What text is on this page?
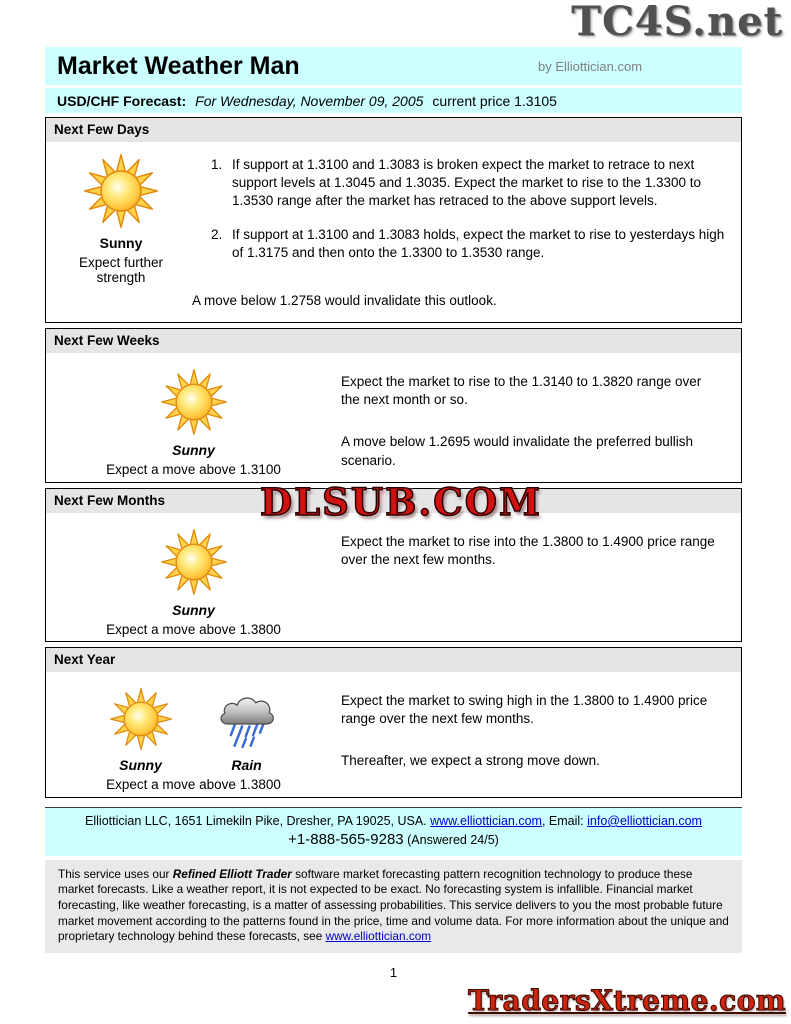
TC4S.net
DLSUB.COM
TradersXtreme.com
Market Weather Man	by Elliottician.com
USD/CHF Forecast: For Wednesday, November 09, 2005 current price 1.3105
Next Few Days
Sunny
Expect further strength
1. If support at 1.3100 and 1.3083 is broken expect the market to retrace to next support levels at 1.3045 and 1.3035. Expect the market to rise to the 1.3300 to 1.3530 range after the market has retraced to the above support levels.
2. If support at 1.3100 and 1.3083 holds, expect the market to rise to yesterdays high of 1.3175 and then onto the 1.3300 to 1.3530 range.
A move below 1.2758 would invalidate this outlook.
Next Few Weeks
Sunny
Expect a move above 1.3100

Expect the market to rise to the 1.3140 to 1.3820 range over the next month or so.

A move below 1.2695 would invalidate the preferred bullish scenario.

Next Few Months
Sunny
Expect a move above 1.3800

Expect the market to rise into the 1.3800 to 1.4900 price range over the next few months.

Next Year
Sunny	Rain
Expect a move above 1.3800

Expect the market to swing high in the 1.3800 to 1.4900 price range over the next few months.

Thereafter, we expect a strong move down.

Elliottician LLC, 1651 Limekiln Pike, Dresher, PA 19025, USA. www.elliottician.com, Email: info@elliottician.com
+1-888-565-9283 (Answered 24/5)
This service uses our Refined Elliott Trader software market forecasting pattern recognition technology to produce these market forecasts. Like a weather report, it is not expected to be exact. No forecasting system is infallible. Financial market forecasting, like weather forecasting, is a matter of assessing probabilities. This service delivers to you the most probable future market movement according to the patterns found in the price, time and volume data. For more information about the unique and proprietary technology behind these forecasts, see www.elliottician.com
1
